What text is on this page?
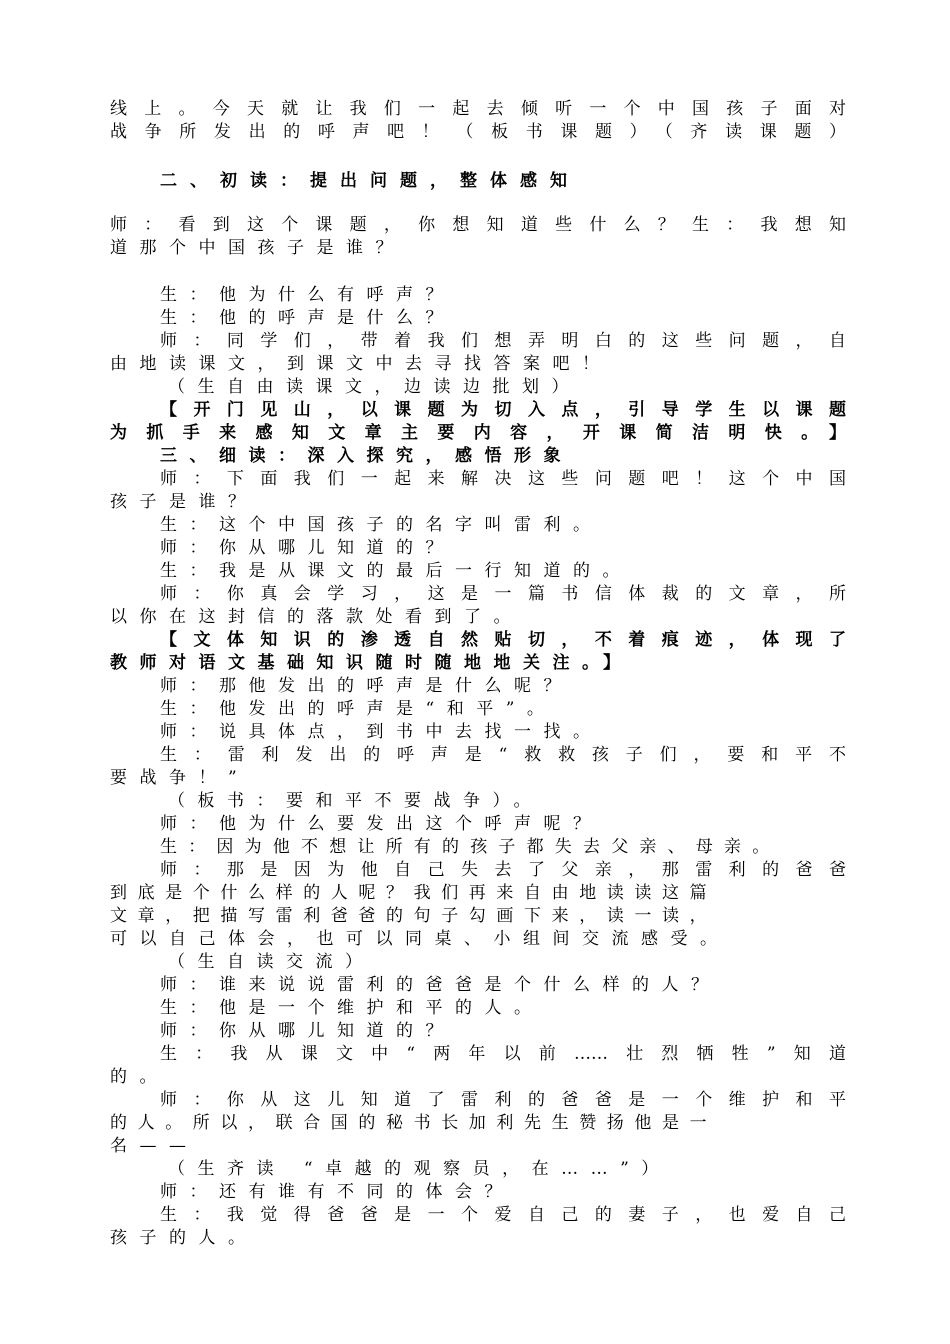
线上。今天就让我们一起去倾听一个中国孩子面对
战争所发出的呼声吧！（板书课题）（齐读课题）
二、初读：提出问题，整体感知
师：看到这个课题，你想知道些什么？生：我想知
道那个中国孩子是谁？
生：他为什么有呼声？
生：他的呼声是什么？
师：同学们，带着我们想弄明白的这些问题，自
由地读课文，到课文中去寻找答案吧！
（生自由读课文，边读边批划）
【开门见山，以课题为切入点，引导学生以课题
为抓手来感知文章主要内容，开课简洁明快。】
三、细读：深入探究，感悟形象
师：下面我们一起来解决这些问题吧！这个中国
孩子是谁？
生：这个中国孩子的名字叫雷利。
师：你从哪儿知道的？
生：我是从课文的最后一行知道的。
师：你真会学习，这是一篇书信体裁的文章，所
以你在这封信的落款处看到了。
【文体知识的渗透自然贴切，不着痕迹，体现了
教师对语文基础知识随时随地地关注。】
师：那他发出的呼声是什么呢？
生：他发出的呼声是“和平”。
师：说具体点，到书中去找一找。
生：雷利发出的呼声是“救救孩子们，要和平不
要战争！”
（板书：要和平不要战争）。
师：他为什么要发出这个呼声呢？
生：因为他不想让所有的孩子都失去父亲、母亲。
师：那是因为他自己失去了父亲，那雷利的爸爸
到底是个什么样的人呢？我们再来自由地读读这篇
文章，把描写雷利爸爸的句子勾画下来，读一读，
可以自己体会，也可以同桌、小组间交流感受。
（生自读交流）
师：谁来说说雷利的爸爸是个什么样的人？
生：他是一个维护和平的人。
师：你从哪儿知道的？
生：我从课文中“两年以前……壮烈牺牲”知道
的。
师：你从这儿知道了雷利的爸爸是一个维护和平
的人。所以，联合国的秘书长加利先生赞扬他是一
名——
（生齐读 “卓越的观察员，在……”）
师：还有谁有不同的体会？
生：我觉得爸爸是一个爱自己的妻子，也爱自己
孩子的人。
